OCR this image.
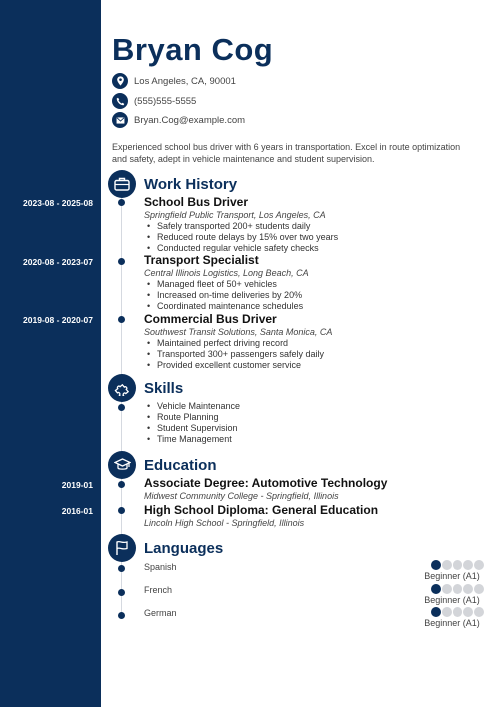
Bryan Cog
Los Angeles, CA, 90001
(555)555-5555
Bryan.Cog@example.com

Experienced school bus driver with 6 years in transportation. Excel in route optimization and safety, adept in vehicle maintenance and student supervision.

Work History
2023-08 - 2025-08	School Bus Driver
Springfield Public Transport, Los Angeles, CA
• Safely transported 200+ students daily
• Reduced route delays by 15% over two years
• Conducted regular vehicle safety checks
2020-08 - 2023-07	Transport Specialist
Central Illinois Logistics, Long Beach, CA
• Managed fleet of 50+ vehicles
• Increased on-time deliveries by 20%
• Coordinated maintenance schedules
2019-08 - 2020-07	Commercial Bus Driver
Southwest Transit Solutions, Santa Monica, CA
• Maintained perfect driving record
• Transported 300+ passengers safely daily
• Provided excellent customer service
Skills
• Vehicle Maintenance
• Route Planning
• Student Supervision
• Time Management
Education
2019-01	Associate Degree: Automotive Technology
Midwest Community College - Springfield, Illinois
2016-01	High School Diploma: General Education
Lincoln High School - Springfield, Illinois
Languages
Spanish
Beginner (A1)
French
Beginner (A1)
German
Beginner (A1)
